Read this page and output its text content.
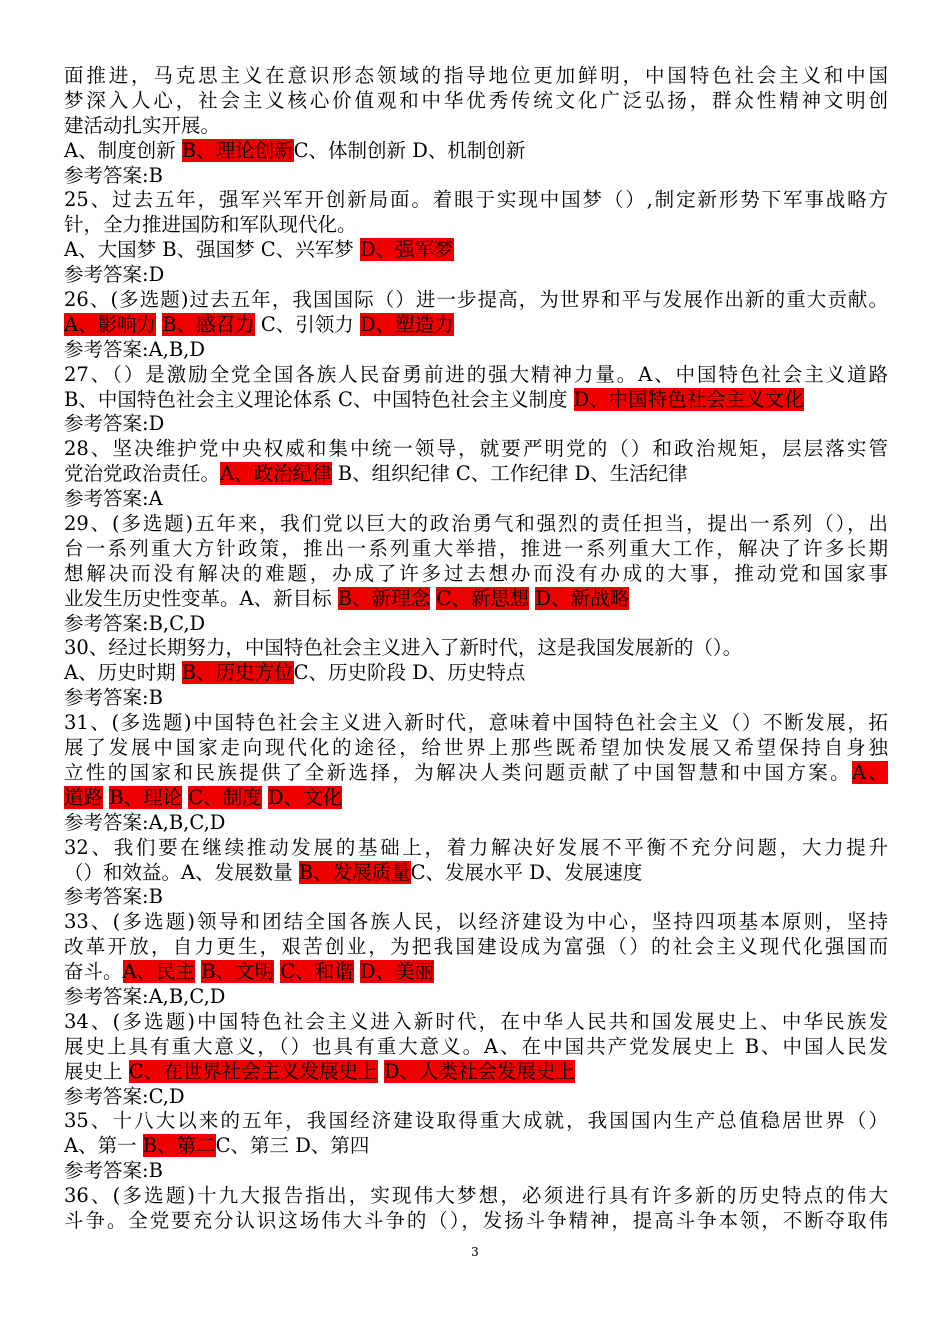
面推进，马克思主义在意识形态领域的指导地位更加鲜明，中国特色社会主义和中国
梦深入人心，社会主义核心价值观和中华优秀传统文化广泛弘扬，群众性精神文明创
建活动扎实开展。
A、制度创新 B、理论创新C、体制创新 D、机制创新
参考答案:B
25、过去五年，强军兴军开创新局面。着眼于实现中国梦（）,制定新形势下军事战略方
针，全力推进国防和军队现代化。
A、大国梦 B、强国梦 C、兴军梦 D、强军梦
参考答案:D
26、(多选题)过去五年，我国国际（）进一步提高，为世界和平与发展作出新的重大贡献。
A、影响力 B、感召力 C、引领力 D、塑造力
参考答案:A,B,D
27、（）是激励全党全国各族人民奋勇前进的强大精神力量。A、中国特色社会主义道路
B、中国特色社会主义理论体系 C、中国特色社会主义制度 D、中国特色社会主义文化
参考答案:D
28、坚决维护党中央权威和集中统一领导，就要严明党的（）和政治规矩，层层落实管
党治党政治责任。A、政治纪律 B、组织纪律 C、工作纪律 D、生活纪律
参考答案:A
29、(多选题)五年来，我们党以巨大的政治勇气和强烈的责任担当，提出一系列（），出
台一系列重大方针政策，推出一系列重大举措，推进一系列重大工作，解决了许多长期
想解决而没有解决的难题，办成了许多过去想办而没有办成的大事，推动党和国家事
业发生历史性变革。A、新目标 B、新理念 C、新思想 D、新战略
参考答案:B,C,D
30、经过长期努力，中国特色社会主义进入了新时代，这是我国发展新的（）。
A、历史时期 B、历史方位C、历史阶段 D、历史特点
参考答案:B
31、(多选题)中国特色社会主义进入新时代，意味着中国特色社会主义（）不断发展，拓
展了发展中国家走向现代化的途径，给世界上那些既希望加快发展又希望保持自身独
立性的国家和民族提供了全新选择，为解决人类问题贡献了中国智慧和中国方案。A、
道路 B、理论 C、制度 D、文化
参考答案:A,B,C,D
32、我们要在继续推动发展的基础上，着力解决好发展不平衡不充分问题，大力提升
（）和效益。A、发展数量 B、发展质量C、发展水平 D、发展速度
参考答案:B
33、(多选题)领导和团结全国各族人民，以经济建设为中心，坚持四项基本原则，坚持
改革开放，自力更生，艰苦创业，为把我国建设成为富强（）的社会主义现代化强国而
奋斗。A、民主 B、文明 C、和谐 D、美丽
参考答案:A,B,C,D
34、(多选题)中国特色社会主义进入新时代，在中华人民共和国发展史上、中华民族发
展史上具有重大意义，（）也具有重大意义。A、在中国共产党发展史上 B、中国人民发
展史上 C、在世界社会主义发展史上 D、人类社会发展史上
参考答案:C,D
35、十八大以来的五年，我国经济建设取得重大成就，我国国内生产总值稳居世界（）
A、第一 B、第二C、第三 D、第四
参考答案:B
36、(多选题)十九大报告指出，实现伟大梦想，必须进行具有许多新的历史特点的伟大
斗争。全党要充分认识这场伟大斗争的（），发扬斗争精神，提高斗争本领，不断夺取伟
3
